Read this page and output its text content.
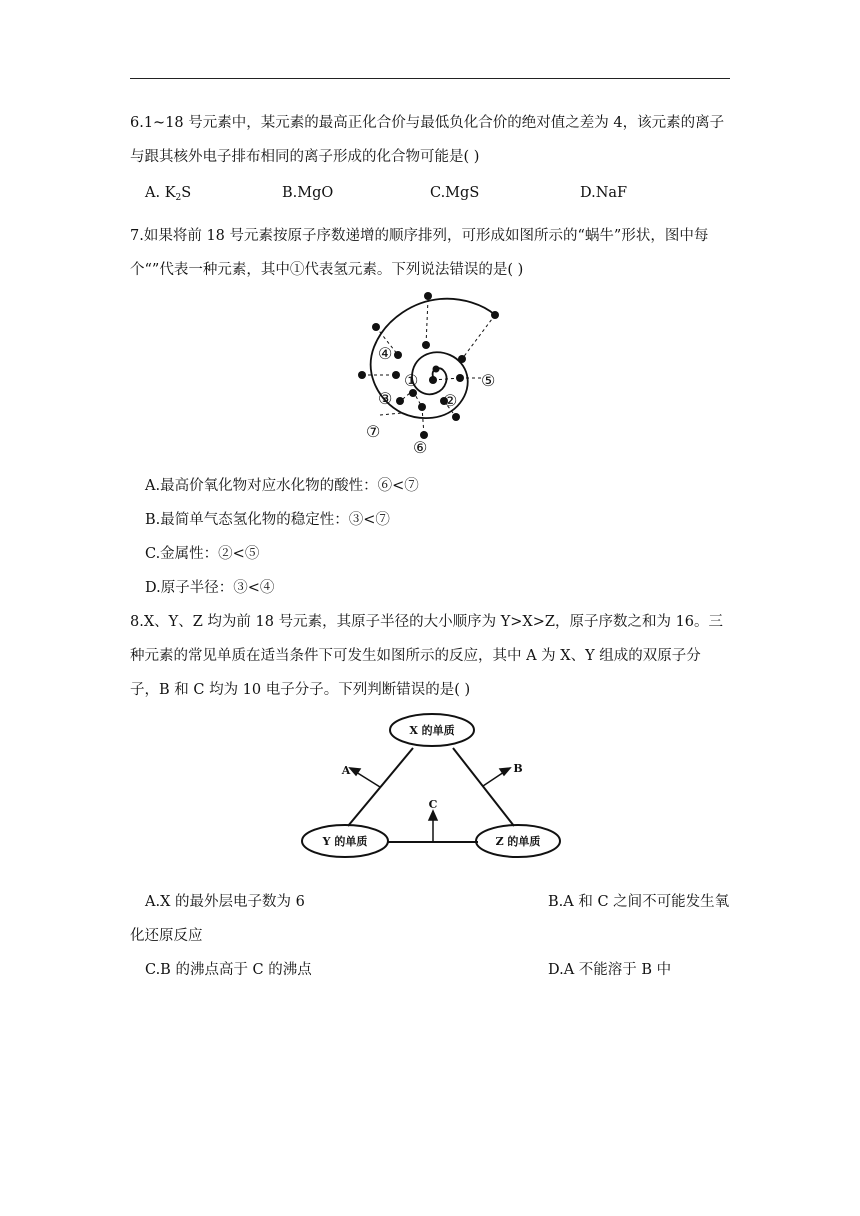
6.1~18 号元素中，某元素的最高正化合价与最低负化合价的绝对值之差为 4，该元素的离子
与跟其核外电子排布相同的离子形成的化合物可能是( )
A. $K_2S$	B.MgO	C.MgS	D.NaF
7.如果将前 18 号元素按原子序数递增的顺序排列，可形成如图所示的“蜗牛”形状，图中每
个“”代表一种元素，其中①代表氢元素。下列说法错误的是( )
①
②
③
④
⑤
⑥
⑦
A.最高价氧化物对应水化物的酸性：⑥<⑦
B.最简单气态氢化物的稳定性：③<⑦
C.金属性：②<⑤
D.原子半径：③<④
8.X、Y、Z 均为前 18 号元素，其原子半径的大小顺序为 Y>X>Z，原子序数之和为 16。三
种元素的常见单质在适当条件下可发生如图所示的反应，其中 A 为 X、Y 组成的双原子分
子，B 和 C 均为 10 电子分子。下列判断错误的是( )
X 的单质
Y 的单质	Z 的单质
A	B
C
A.X 的最外层电子数为 6	B.A 和 C 之间不可能发生氧
化还原反应
C.B 的沸点高于 C 的沸点	D.A 不能溶于 B 中
